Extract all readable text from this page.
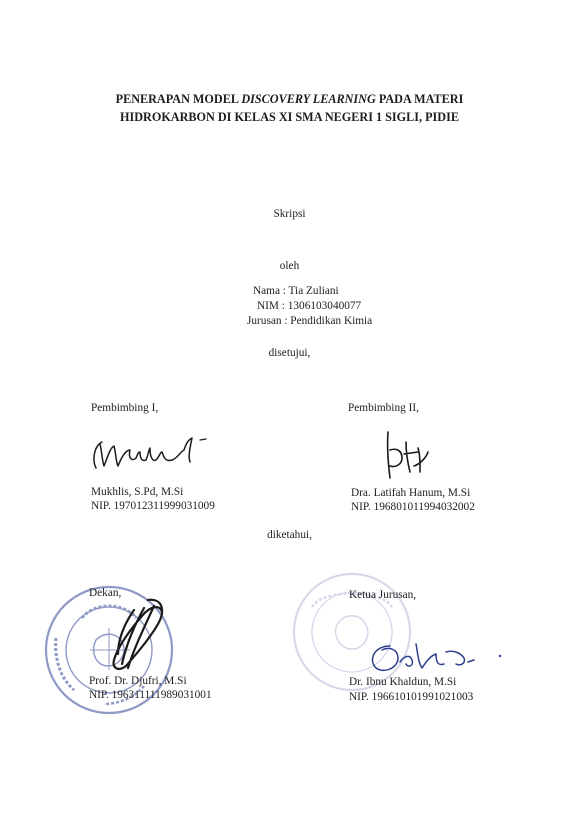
PENERAPAN MODEL DISCOVERY LEARNING PADA MATERI
HIDROKARBON DI KELAS XI SMA NEGERI 1 SIGLI, PIDIE
Skripsi
oleh
Nama : Tia Zuliani
NIM : 1306103040077
Jurusan : Pendidikan Kimia
disetujui,
Pembimbing I,
Mukhlis, S.Pd, M.Si
NIP. 197012311999031009
Pembimbing II,
Dra. Latifah Hanum, M.Si
NIP. 196801011994032002
diketahui,
Dekan,
Prof. Dr. Djufri, M.Si
NIP. 196311111989031001
Ketua Jurusan,
Dr. Ibnu Khaldun, M.Si
NIP. 196610101991021003
